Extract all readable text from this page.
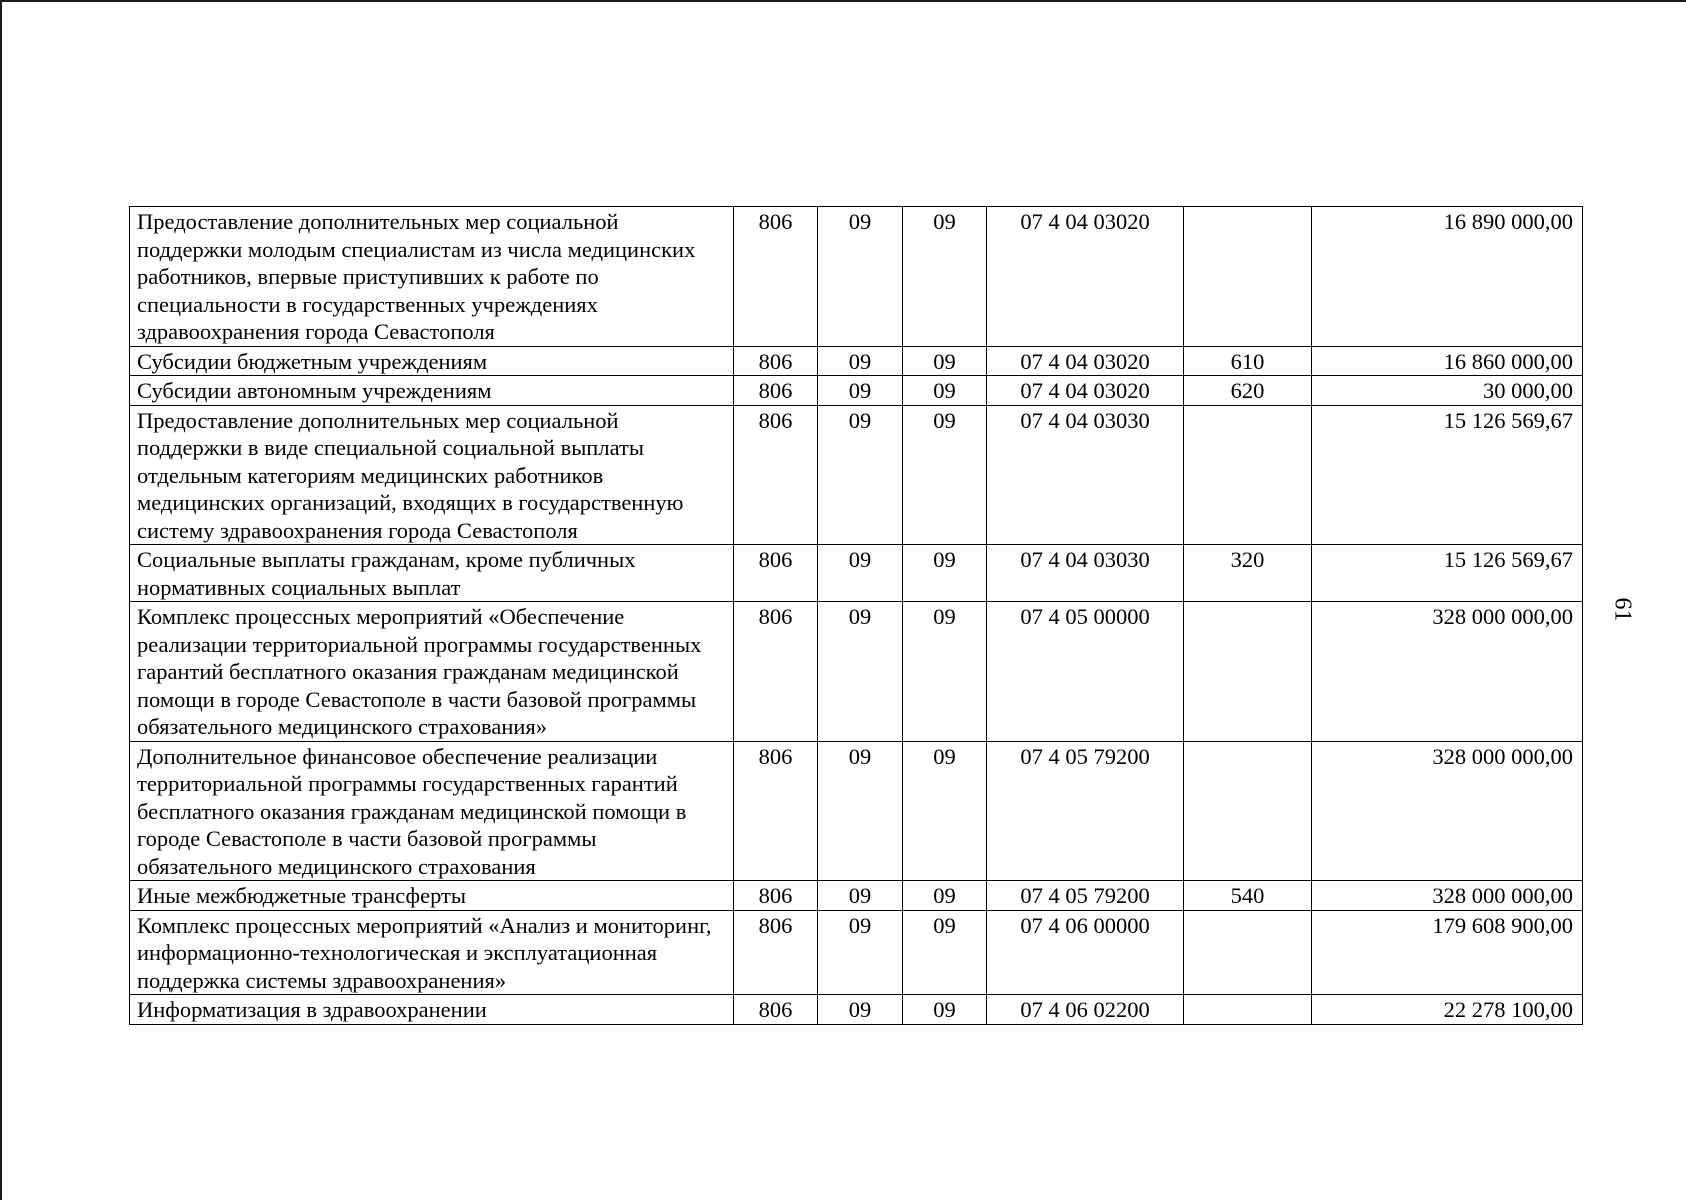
Предоставление дополнительных мер социальной поддержки молодым специалистам из числа медицинских работников, впервые приступивших к работе по специальности в государственных учреждениях здравоохранения города Севастополя	806	09	09	07 4 04 03020		16 890 000,00
Субсидии бюджетным учреждениям	806	09	09	07 4 04 03020	610	16 860 000,00
Субсидии автономным учреждениям	806	09	09	07 4 04 03020	620	30 000,00
Предоставление дополнительных мер социальной поддержки в виде специальной социальной выплаты отдельным категориям медицинских работников медицинских организаций, входящих в государственную систему здравоохранения города Севастополя	806	09	09	07 4 04 03030		15 126 569,67
Социальные выплаты гражданам, кроме публичных нормативных социальных выплат	806	09	09	07 4 04 03030	320	15 126 569,67
Комплекс процессных мероприятий «Обеспечение реализации территориальной программы государственных гарантий бесплатного оказания гражданам медицинской помощи в городе Севастополе в части базовой программы обязательного медицинского страхования»	806	09	09	07 4 05 00000		328 000 000,00
Дополнительное финансовое обеспечение реализации территориальной программы государственных гарантий бесплатного оказания гражданам медицинской помощи в городе Севастополе в части базовой программы обязательного медицинского страхования	806	09	09	07 4 05 79200		328 000 000,00
Иные межбюджетные трансферты	806	09	09	07 4 05 79200	540	328 000 000,00
Комплекс процессных мероприятий «Анализ и мониторинг, информационно-технологическая и эксплуатационная поддержка системы здравоохранения»	806	09	09	07 4 06 00000		179 608 900,00
Информатизация в здравоохранении	806	09	09	07 4 06 02200		22 278 100,00
61
